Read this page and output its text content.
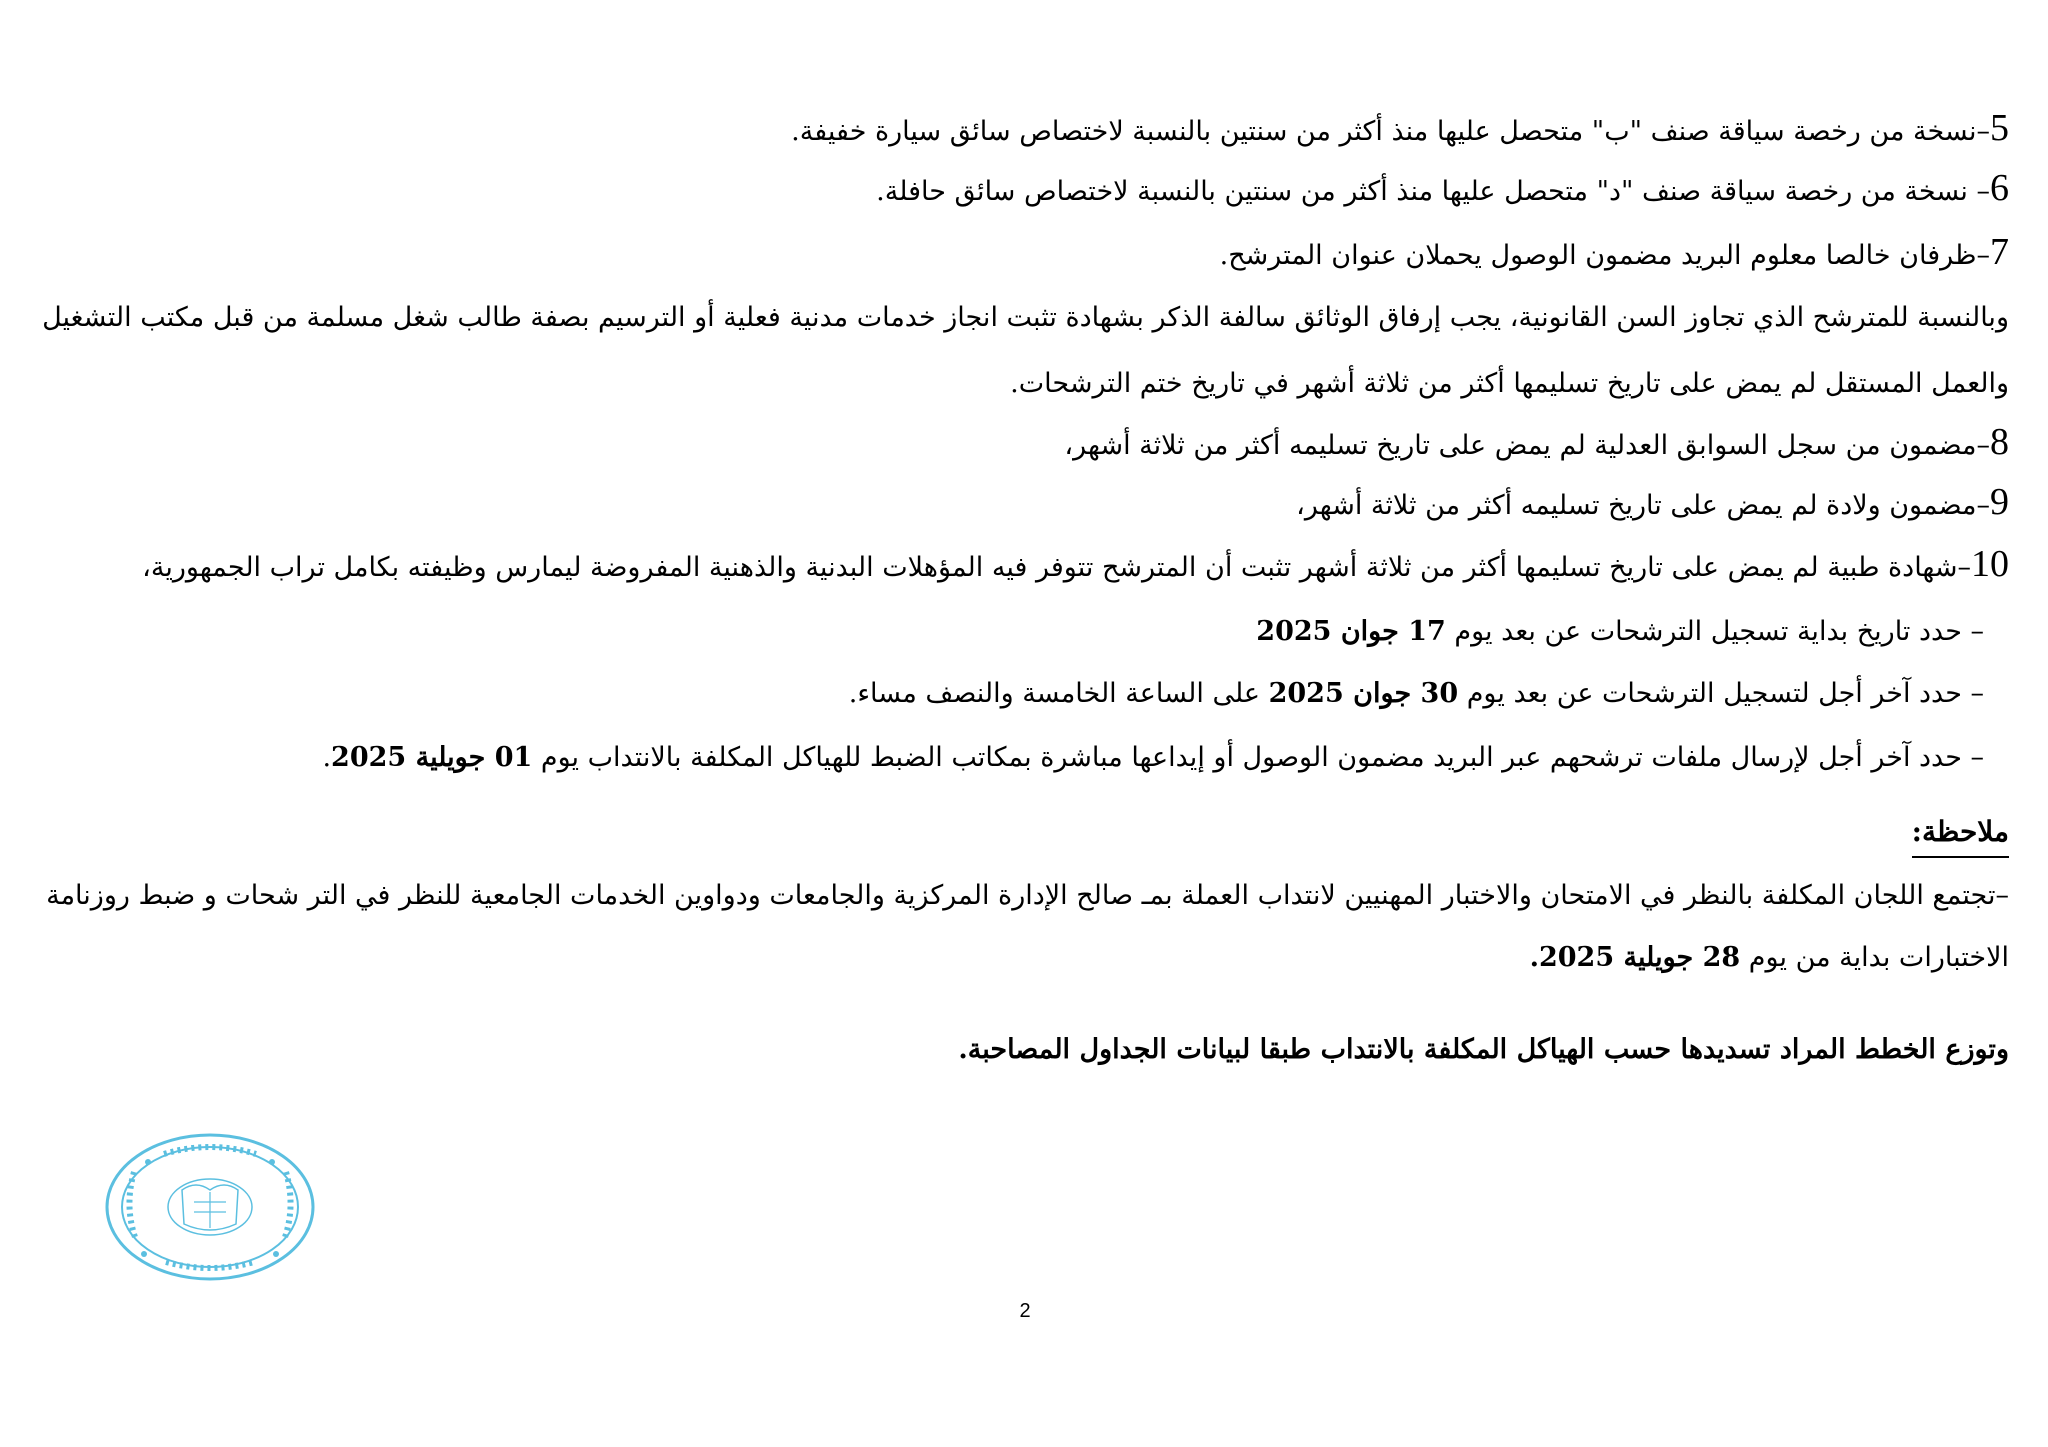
5–نسخة من رخصة سياقة صنف "ب" متحصل عليها منذ أكثر من سنتين بالنسبة لاختصاص سائق سيارة خفيفة.
6– نسخة من رخصة سياقة صنف "د" متحصل عليها منذ أكثر من سنتين بالنسبة لاختصاص سائق حافلة.
7–ظرفان خالصا معلوم البريد مضمون الوصول يحملان عنوان المترشح.
وبالنسبة للمترشح الذي تجاوز السن القانونية، يجب إرفاق الوثائق سالفة الذكر بشهادة تثبت انجاز خدمات مدنية فعلية أو الترسيم بصفة طالب شغل مسلمة من قبل مكتب التشغيل
والعمل المستقل لم يمض على تاريخ تسليمها أكثر من ثلاثة أشهر في تاريخ ختم الترشحات.
8–مضمون من سجل السوابق العدلية لم يمض على تاريخ تسليمه أكثر من ثلاثة أشهر،
9–مضمون ولادة لم يمض على تاريخ تسليمه أكثر من ثلاثة أشهر،
10–شهادة طبية لم يمض على تاريخ تسليمها أكثر من ثلاثة أشهر تثبت أن المترشح تتوفر فيه المؤهلات البدنية والذهنية المفروضة ليمارس وظيفته بكامل تراب الجمهورية،
– حدد تاريخ بداية تسجيل الترشحات عن بعد يوم 17 جوان 2025
– حدد آخر أجل لتسجيل الترشحات عن بعد يوم 30 جوان 2025 على الساعة الخامسة والنصف مساء.
– حدد آخر أجل لإرسال ملفات ترشحهم عبر البريد مضمون الوصول أو إيداعها مباشرة بمكاتب الضبط للهياكل المكلفة بالانتداب يوم 01 جويلية 2025.
ملاحظة:
–تجتمع اللجان المكلفة بالنظر في الامتحان والاختبار المهنيين لانتداب العملة بمـ صالح الإدارة المركزية والجامعات ودواوين الخدمات الجامعية للنظر في التر شحات و ضبط روزنامة
الاختبارات بداية من يوم 28 جويلية 2025.
وتوزع الخطط المراد تسديدها حسب الهياكل المكلفة بالانتداب طبقا لبيانات الجداول المصاحبة.
2
